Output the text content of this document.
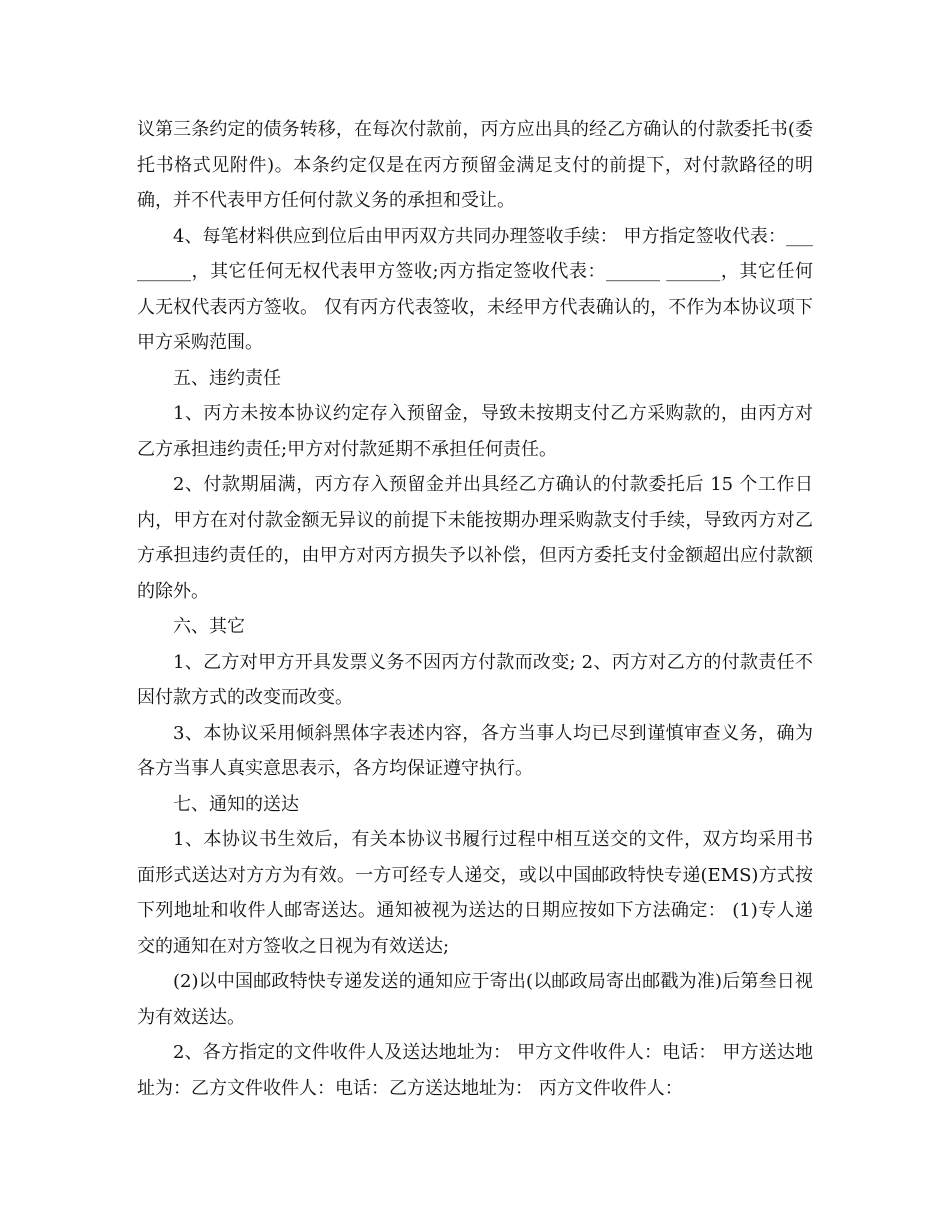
议第三条约定的债务转移，在每次付款前，丙方应出具的经乙方确认的付款委托书(委托书格式见附件)。本条约定仅是在丙方预留金满足支付的前提下，对付款路径的明确，并不代表甲方任何付款义务的承担和受让。

4、每笔材料供应到位后由甲丙双方共同办理签收手续： 甲方指定签收代表：_________，其它任何无权代表甲方签收;丙方指定签收代表：______ ______，其它任何人无权代表丙方签收。 仅有丙方代表签收，未经甲方代表确认的，不作为本协议项下甲方采购范围。

五、违约责任

1、丙方未按本协议约定存入预留金，导致未按期支付乙方采购款的，由丙方对乙方承担违约责任;甲方对付款延期不承担任何责任。

2、付款期届满，丙方存入预留金并出具经乙方确认的付款委托后 15 个工作日内，甲方在对付款金额无异议的前提下未能按期办理采购款支付手续，导致丙方对乙方承担违约责任的，由甲方对丙方损失予以补偿，但丙方委托支付金额超出应付款额的除外。

六、其它

1、乙方对甲方开具发票义务不因丙方付款而改变; 2、丙方对乙方的付款责任不因付款方式的改变而改变。

3、本协议采用倾斜黑体字表述内容，各方当事人均已尽到谨慎审查义务，确为各方当事人真实意思表示，各方均保证遵守执行。

七、通知的送达

1、本协议书生效后，有关本协议书履行过程中相互送交的文件，双方均采用书面形式送达对方方为有效。一方可经专人递交，或以中国邮政特快专递(EMS)方式按下列地址和收件人邮寄送达。通知被视为送达的日期应按如下方法确定： (1)专人递交的通知在对方签收之日视为有效送达;

(2)以中国邮政特快专递发送的通知应于寄出(以邮政局寄出邮戳为准)后第叁日视为有效送达。

2、各方指定的文件收件人及送达地址为： 甲方文件收件人：电话： 甲方送达地址为：乙方文件收件人：电话：乙方送达地址为： 丙方文件收件人：
